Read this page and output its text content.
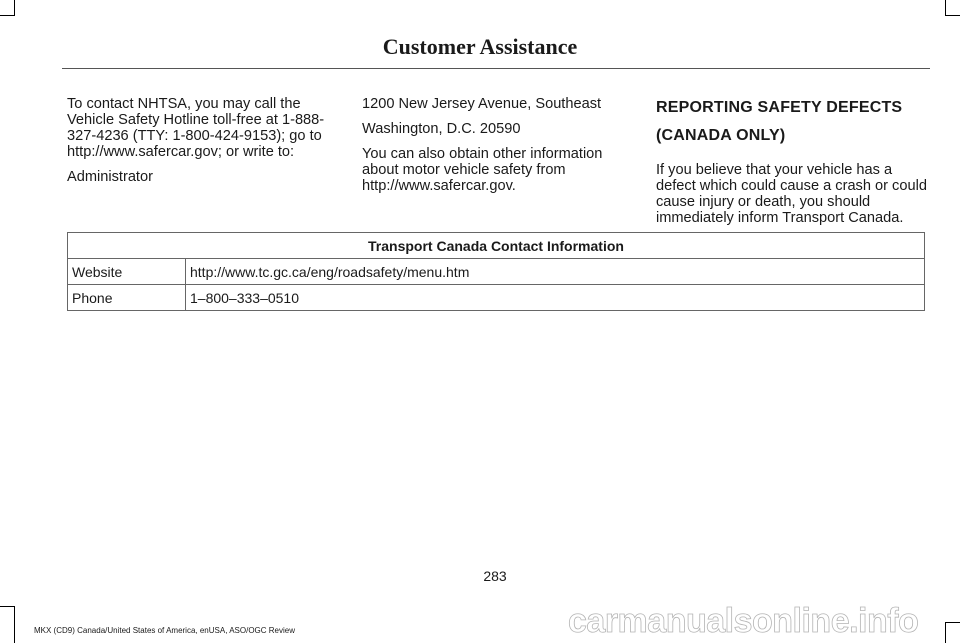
Customer Assistance

To contact NHTSA, you may call the Vehicle Safety Hotline toll-free at 1-888-327-4236 (TTY: 1-800-424-9153); go to http://www.safercar.gov; or write to:

Administrator

1200 New Jersey Avenue, Southeast

Washington, D.C. 20590

You can also obtain other information about motor vehicle safety from http://www.safercar.gov.

REPORTING SAFETY DEFECTS
(CANADA ONLY)

If you believe that your vehicle has a defect which could cause a crash or could cause injury or death, you should immediately inform Transport Canada.

Transport Canada Contact Information	
Website	http://www.tc.gc.ca/eng/roadsafety/menu.htm
Phone	1–800–333–0510
283
MKX (CD9) Canada/United States of America, enUSA, ASO/OGC Review	carmanualsonline.info
